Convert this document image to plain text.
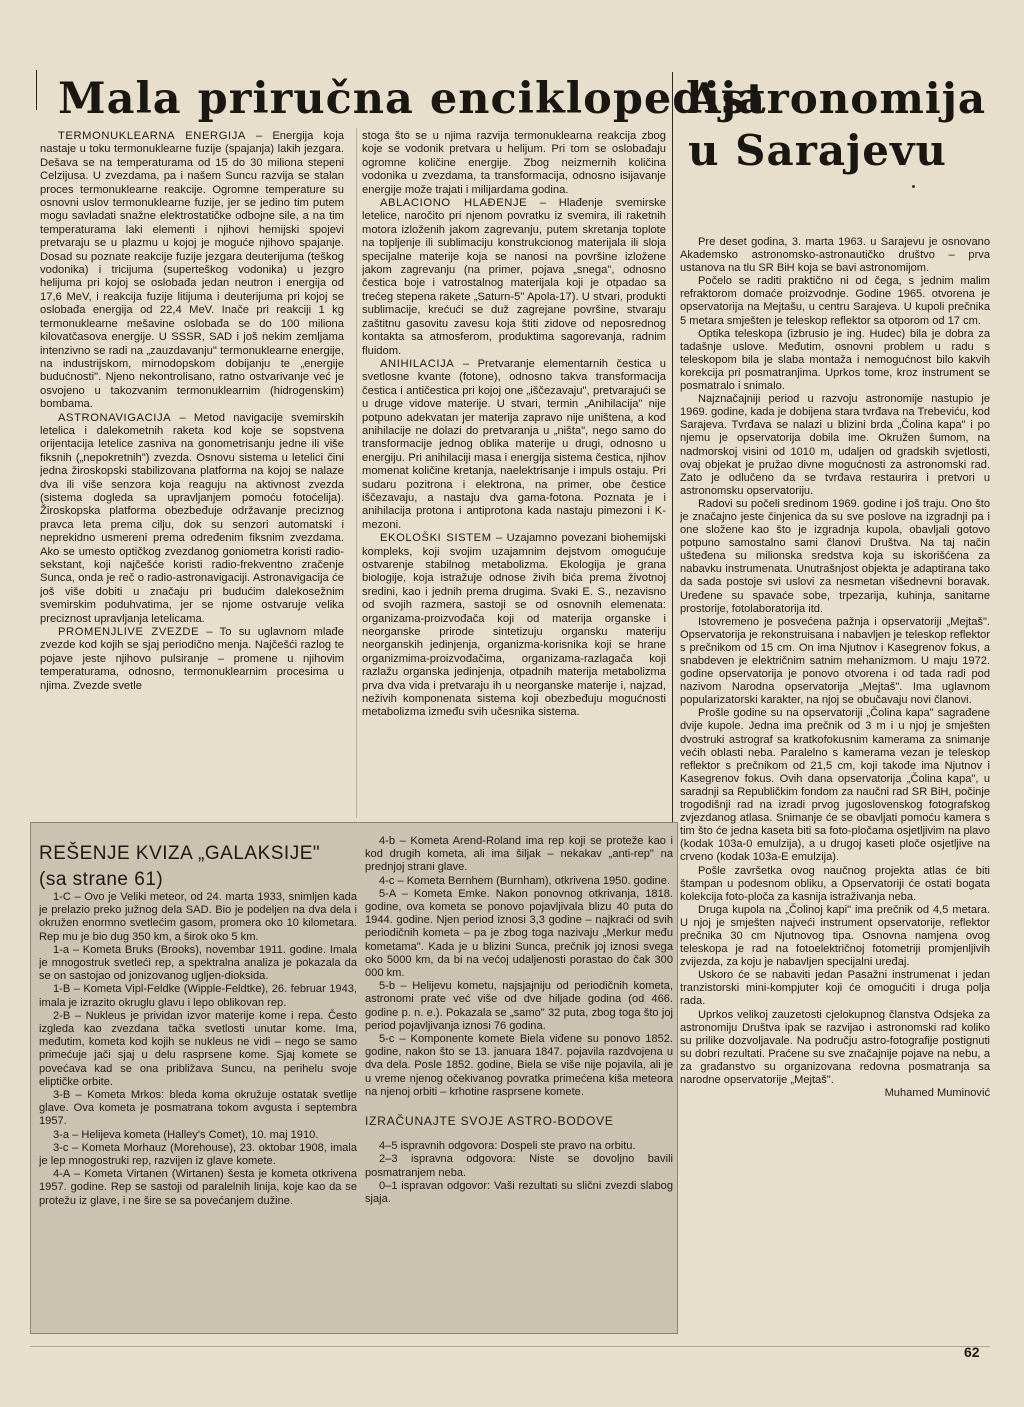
Mala priručna enciklopedija

TERMONUKLEARNA ENERGIJA – Energija koja nastaje u toku termonuklearne fuzije (spajanja) lakih jezgara. Dešava se na temperaturama od 15 do 30 miliona stepeni Celzijusa. U zvezdama, pa i našem Suncu razvija se stalan proces termonuklearne reakcije. Ogromne temperature su osnovni uslov termonuklearne fuzije, jer se jedino tim putem mogu savladati snažne elektrostatičke odbojne sile, a na tim temperaturama laki elementi i njihovi hemijski spojevi pretvaraju se u plazmu u kojoj je moguće njihovo spajanje. Dosad su poznate reakcije fuzije jezgara deuterijuma (teškog vodonika) i tricijuma (superteškog vodonika) u jezgro helijuma pri kojoj se oslobađa jedan neutron i energija od 17,6 MeV, i reakcija fuzije litijuma i deuterijuma pri kojoj se oslobađa energija od 22,4 MeV. Inače pri reakciji 1 kg termonuklearne mešavine oslobađa se do 100 miliona kilovatčasova energije. U SSSR, SAD i još nekim zemljama intenzivno se radi na „zauzdavanju" termonuklearne energije, na industrijskom, mirnodopskom dobijanju te „energije budućnosti". Njeno nekontrolisano, ratno ostvarivanje već je osvojeno u takozvanim termonuklearnim (hidrogenskim) bombama.

ASTRONAVIGACIJA – Metod navigacije svemirskih letelica i dalekometnih raketa kod koje se sopstvena orijentacija letelice zasniva na gonometrisanju jedne ili više fiksnih („nepokretnih") zvezda. Osnovu sistema u letelici čini jedna žiroskopski stabilizovana platforma na kojoj se nalaze dva ili više senzora koja reaguju na aktivnost zvezda (sistema dogleda sa upravljanjem pomoću fotoćelija). Žiroskopska platforma obezbeđuje održavanje preciznog pravca leta prema cilju, dok su senzori automatski i neprekidno usmereni prema određenim fiksnim zvezdama. Ako se umesto optičkog zvezdanog goniometra koristi radio-sekstant, koji najčešće koristi radio-frekventno zračenje Sunca, onda je reč o radio-astronavigaciji. Astronavigacija će još više dobiti u značaju pri budućim dalekosežnim svemirskim poduhvatima, jer se njome ostvaruje velika preciznost upravljanja letelicama.

PROMENJLIVE ZVEZDE – To su uglavnom mlađe zvezde kod kojih se sjaj periodično menja. Najčešći razlog te pojave jeste njihovo pulsiranje – promene u njihovim temperaturama, odnosno, termonuklearnim procesima u njima. Zvezde svetle

stoga što se u njima razvija termonuklearna reakcija zbog koje se vodonik pretvara u helijum. Pri tom se oslobađaju ogromne količine energije. Zbog neizmernih količina vodonika u zvezdama, ta transformacija, odnosno isijavanje energije može trajati i milijardama godina.

ABLACIONO HLAĐENJE – Hlađenje svemirske letelice, naročito pri njenom povratku iz svemira, ili raketnih motora izloženih jakom zagrevanju, putem skretanja toplote na topljenje ili sublimaciju konstrukcionog materijala ili sloja specijalne materije koja se nanosi na površine izloženе jakom zagrevanju (na primer, pojava „snega", odnosno čestica boje i vatrostalnog materijala koji je otpadao sa trećeg stepena rakete „Saturn-5" Apola-17). U stvari, produkti sublimacije, krećući se duž zagrejane površine, stvaraju zaštitnu gasovitu zavesu koja štiti zidove od neposrednog kontakta sa atmosferom, produktima sagorevanja, radnim fluidom.

ANIHILACIJA – Pretvaranje elementarnih čestica u svetlosne kvante (fotone), odnosno takva transformacija čestica i antičestica pri kojoj one „iščezavaju", pretvarajući se u druge vidove materije. U stvari, termin „Anihilacija" nije potpuno adekvatan jer materija zapravo nije uništena, a kod anihilacije ne dolazi do pretvaranja u „ništa", nego samo do transformacije jednog oblika materije u drugi, odnosno u energiju. Pri anihilaciji masa i energija sistema čestica, njihov momenat količine kretanja, naelektrisanje i impuls ostaju. Pri sudaru pozitrona i elektrona, na primer, obe čestice iščezavaju, a nastaju dva gama-fotona. Poznata je i anihilacija protona i antiprotona kada nastaju pimezoni i K-mezoni.

EKOLOŠKI SISTEM – Uzajamno povezani biohemijski kompleks, koji svojim uzajamnim dejstvom omogućuje ostvarenje stabilnog metabolizma. Ekologija je grana biologije, koja istražuje odnose živih bića prema životnoj sredini, kao i jednih prema drugima. Svaki E. S., nezavisno od svojih razmera, sastoji se od osnovnih elemenata: organizama-proizvođača koji od materija organske i neorganske prirode sintetizuju organsku materiju neorganskih jedinjenja, organizma-korisnika koji se hrane organizmima-proizvođačima, organizama-razlagača koji razlažu organska jedinjenja, otpadnih materija metabolizma prva dva vida i pretvaraju ih u neorganske materije i, najzad, neživih komponenata sistema koji obezbeđuju mogućnosti metabolizma između svih učesnika sistema.

Astronomija
u Sarajevu

Pre deset godina, 3. marta 1963. u Sarajevu je osnovano Akademsko astronomsko-astronautičko društvo – prva ustanova na tlu SR BiH koja se bavi astronomijom.

Počelo se raditi praktično ni od čega, s jednim malim refraktorom domaće proizvodnje. Godine 1965. otvorena je opservatorija na Mejtašu, u centru Sarajeva. U kupoli prečnika 5 metara smješten je teleskop reflektor sa otporom od 17 cm.

Optika teleskopa (izbrusio je ing. Hudec) bila je dobra za tadašnje uslove. Međutim, osnovni problem u radu s teleskopom bila je slaba montaža i nemogućnost bilo kakvih korekcija pri posmatranjima. Uprkos tome, kroz instrument se posmatralo i snimalo.

Najznačajniji period u razvoju astronomije nastupio je 1969. godine, kada je dobijena stara tvrđava na Trebeviću, kod Sarajeva. Tvrđava se nalazi u blizini brda „Čolina kapa" i po njemu je opservatorija dobila ime. Okružen šumom, na nadmorskoj visini od 1010 m, udaljen od gradskih svjetlosti, ovaj objekat je pružao divne mogućnosti za astronomski rad. Zato je odlučeno da se tvrđava restaurira i pretvori u astronomsku opservatoriju.

Radovi su počeli sredinom 1969. godine i još traju. Ono što je značajno jeste činjenica da su sve poslove na izgradnji pa i one složene kao što je izgradnja kupola, obavljali gotovo potpuno samostalno sami članovi Društva. Na taj način uštеđena su milionska sredstva koja su iskorišćena za nabavku instrumenata. Unutrašnjost objekta je adaptirana tako da sada postoje svi uslovi za nesmetan višednevni boravak. Uređene su spavaće sobe, trpezarija, kuhinja, sanitarne prostorije, fotolaboratorija itd.

Istovremeno je posvećena pažnja i opservatoriji „Mejtaš". Opservatorija je rekonstruisana i nabavljen je teleskop reflektor s prečnikom od 15 cm. On ima Njutnov i Kasegrenov fokus, a snabdeven je električnim satnim mehanizmom. U maju 1972. godine opservatorija je ponovo otvorena i od tada radi pod nazivom Narodna opservatorija „Mejtaš". Ima uglavnom popularizatorski karakter, na njoj se obučavaju novi članovi.

Prošle godine su na opservatoriji „Čolina kapa" sagrađene dvije kupole. Jedna ima prečnik od 3 m i u njoj je smješten dvostruki astrograf sa kratkofokusnim kamerama za snimanje većih oblasti neba. Paralelno s kamerama vezan je teleskop reflektor s prečnikom od 21,5 cm, koji takođe ima Njutnov i Kasegrenov fokus. Ovih dana opservatorija „Čolina kapa", u saradnji sa Republičkim fondom za naučni rad SR BiH, počinje trogodišnji rad na izradi prvog jugoslovenskog fotografskog zvjezdanog atlasa. Snimanje će se obavljati pomoću kamera s tim što će jedna kaseta biti sa foto-pločama osjetljivim na plavo (kodak 103a-0 emulzija), a u drugoj kaseti ploče osjetljive na crveno (kodak 103a-E emulzija).

Pošle završetka ovog naučnog projekta atlas će biti štampan u podesnom obliku, a Opservatoriji će ostati bogata kolekcija foto-ploča za kasnija istraživanja neba.

Druga kupola na „Čolinoj kapi" ima prečnik od 4,5 metara. U njoj je smješten najveći instrument opservatorije, reflektor prečnika 30 cm Njutnovog tipa. Osnovna namjena ovog teleskopa je rad na fotoelektričnoj fotometriji promjenljivih zvijezda, za koju je nabavljen specijalni uređaj.

Uskoro će se nabaviti jedan Pasažni instrumenat i jedan tranzistorski mini-kompjuter koji će omogućiti i druga polja rada.

Uprkos velikoj zauzetosti cjelokupnog članstva Odsjeka za astronomiju Društva ipak se razvijao i astronomski rad koliko su prilike dozvoljavale. Na području astro-fotografije postignuti su dobri rezultati. Praćene su sve značajnije pojave na nebu, a za građanstvo su organizovana redovna posmatranja sa narodne opservatorije „Mejtaš".

Muhamed Muminović
REŠENJE KVIZA „GALAKSIJE"
(sa strane 61)

1-C – Ovo je Veliki meteor, od 24. marta 1933, snimljen kada je prelazio preko južnog dela SAD. Bio je podeljen na dva dela i okružen enormno svetlećim gasom, promera oko 10 kilometara. Rep mu je bio dug 350 km, a širok oko 5 km.

1-a – Kometa Bruks (Brooks), novembar 1911. godine. Imala je mnogostruk svetleći rep, a spektralna analiza je pokazala da se on sastojao od jonizovanog ugljen-dioksida.

1-B – Kometa Vipl-Feldke (Wipple-Feldtke), 26. februar 1943, imala je izrazito okruglu glavu i lepo oblikovan rep.

2-B – Nukleus je prividan izvor materije kome i repa. Često izgleda kao zvezdana tačka svetlosti unutar kome. Ima, međutim, kometa kod kojih se nukleus ne vidi – nego se samo primećuje jači sjaj u delu rasprsene kome. Sjaj komete se povećava kad se ona približava Suncu, na perihelu svoje eliptičke orbite.

3-B – Kometa Mrkos: bleda koma okružuje ostatak svetlije glave. Ova kometa je posmatrana tokom avgusta i septembra 1957.

3-a – Helijeva kometa (Halley's Comet), 10. maj 1910.

3-c – Kometa Morhauz (Morehouse), 23. oktobar 1908, imala je lep mnogostruki rep, razvijen iz glave komete.

4-A – Kometa Virtanen (Wirtanen) šesta je kometa otkrivena 1957. godine. Rep se sastoji od paralelnih linija, koje kao da se protežu iz glave, i ne šire se sa povećanjem dužine.

4-b – Kometa Arend-Roland ima rep koji se proteže kao i kod drugih kometa, ali ima šiljak – nekakav „anti-rep" na prednjoj strani glave.

4-c – Kometa Bernhem (Burnham), otkrivena 1950. godine.

5-A – Kometa Emke. Nakon ponovnog otkrivanja, 1818. godine, ova kometa se ponovo pojavljivala blizu 40 puta do 1944. godine. Njen period iznosi 3,3 godine – najkraći od svih periodičnih kometa – pa je zbog toga nazivaju „Merkur među kometama". Kada je u blizini Sunca, prečnik joj iznosi svega oko 5000 km, da bi na većoj udaljenosti porastao do čak 300 000 km.

5-b – Helijevu kometu, najsjajniju od periodičnih kometa, astronomi prate već više od dve hiljade godina (od 466. godine p. n. e.). Pokazala se „samo" 32 puta, zbog toga što joj period pojavljivanja iznosi 76 godina.

5-c – Komponente komete Biela viđene su ponovo 1852. godine, nakon što se 13. januara 1847. pojavila razdvojena u dva dela. Posle 1852. godine, Biela se više nije pojavila, ali je u vreme njenog očekivanog povratka primećena kiša meteora na njenoj orbiti – krhotine rasprsene komete.

IZRAČUNAJTE SVOJE ASTRO-BODOVE

4–5 ispravnih odgovora: Dospeli ste pravo na orbitu.

2–3 ispravna odgovora: Niste se dovoljno bavili posmatranjem neba.

0–1 ispravan odgovor: Vaši rezultati su slični zvezdi slabog sjaja.

62
